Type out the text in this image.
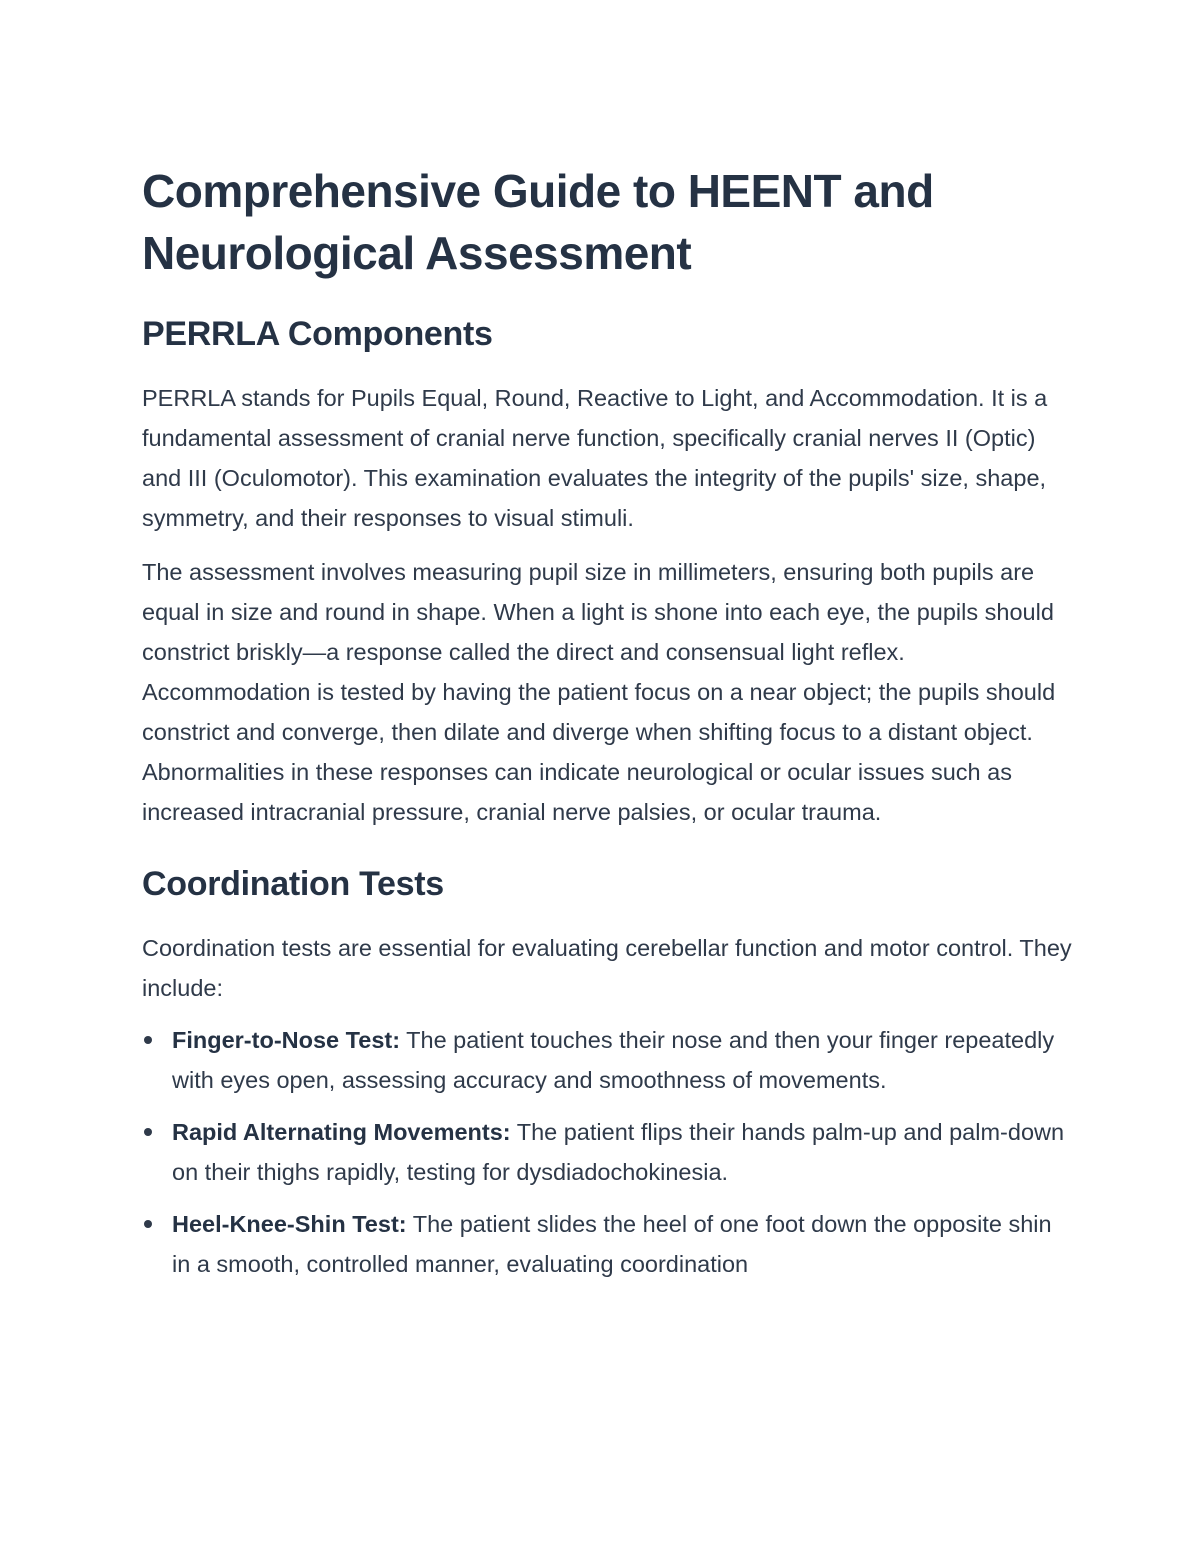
Comprehensive Guide to HEENT and Neurological Assessment
PERRLA Components

PERRLA stands for Pupils Equal, Round, Reactive to Light, and Accommodation. It is a fundamental assessment of cranial nerve function, specifically cranial nerves II (Optic) and III (Oculomotor). This examination evaluates the integrity of the pupils' size, shape, symmetry, and their responses to visual stimuli.

The assessment involves measuring pupil size in millimeters, ensuring both pupils are equal in size and round in shape. When a light is shone into each eye, the pupils should constrict briskly—a response called the direct and consensual light reflex. Accommodation is tested by having the patient focus on a near object; the pupils should constrict and converge, then dilate and diverge when shifting focus to a distant object. Abnormalities in these responses can indicate neurological or ocular issues such as increased intracranial pressure, cranial nerve palsies, or ocular trauma.

Coordination Tests

Coordination tests are essential for evaluating cerebellar function and motor control. They include:

Finger-to-Nose Test: The patient touches their nose and then your finger repeatedly with eyes open, assessing accuracy and smoothness of movements.
Rapid Alternating Movements: The patient flips their hands palm-up and palm-down on their thighs rapidly, testing for dysdiadochokinesia.
Heel-Knee-Shin Test: The patient slides the heel of one foot down the opposite shin in a smooth, controlled manner, evaluating coordination
